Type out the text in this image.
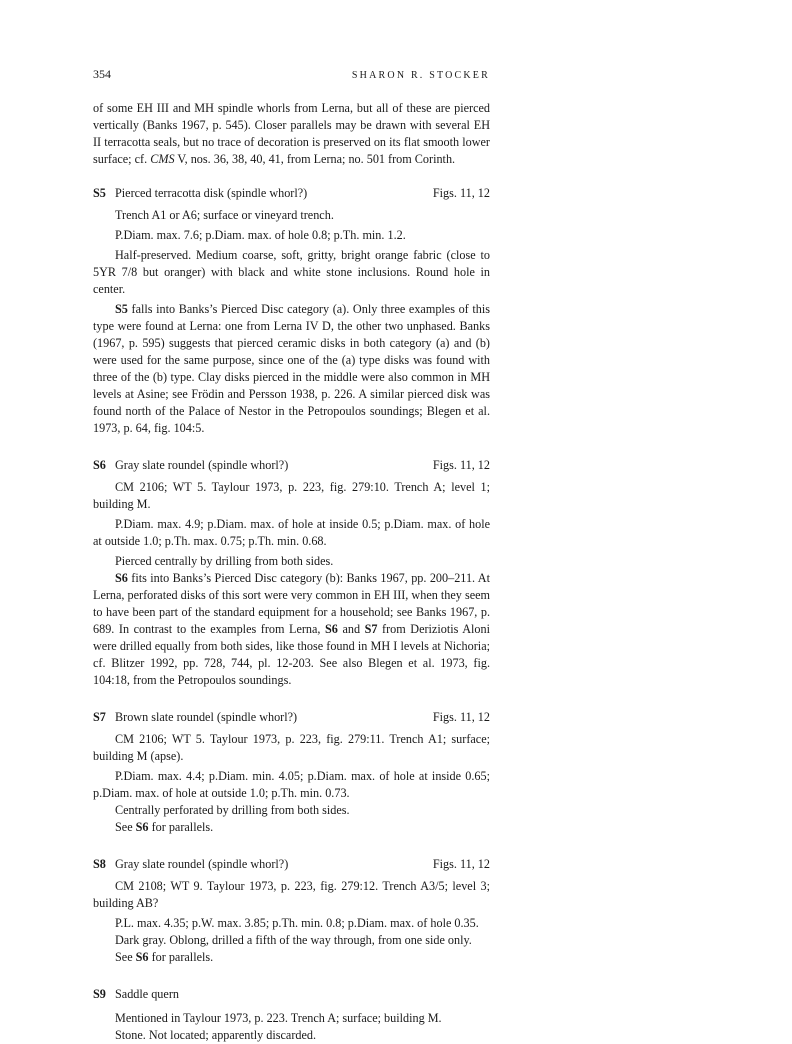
354	SHARON R. STOCKER

of some EH III and MH spindle whorls from Lerna, but all of these are pierced vertically (Banks 1967, p. 545). Closer parallels may be drawn with several EH II terracotta seals, but no trace of decoration is preserved on its flat smooth lower surface; cf. CMS V, nos. 36, 38, 40, 41, from Lerna; no. 501 from Corinth.

S5 Pierced terracotta disk (spindle whorl?)	Figs. 11, 12

Trench A1 or A6; surface or vineyard trench.

P.Diam. max. 7.6; p.Diam. max. of hole 0.8; p.Th. min. 1.2.

Half-preserved. Medium coarse, soft, gritty, bright orange fabric (close to 5YR 7/8 but oranger) with black and white stone inclusions. Round hole in center.

S5 falls into Banks’s Pierced Disc category (a). Only three examples of this type were found at Lerna: one from Lerna IV D, the other two unphased. Banks (1967, p. 595) suggests that pierced ceramic disks in both category (a) and (b) were used for the same purpose, since one of the (a) type disks was found with three of the (b) type. Clay disks pierced in the middle were also common in MH levels at Asine; see Frödin and Persson 1938, p. 226. A similar pierced disk was found north of the Palace of Nestor in the Petropoulos soundings; Blegen et al. 1973, p. 64, fig. 104:5.

S6 Gray slate roundel (spindle whorl?)	Figs. 11, 12

CM 2106; WT 5. Taylour 1973, p. 223, fig. 279:10. Trench A; level 1; building M.

P.Diam. max. 4.9; p.Diam. max. of hole at inside 0.5; p.Diam. max. of hole at outside 1.0; p.Th. max. 0.75; p.Th. min. 0.68.

Pierced centrally by drilling from both sides.

S6 fits into Banks’s Pierced Disc category (b): Banks 1967, pp. 200–211. At Lerna, perforated disks of this sort were very common in EH III, when they seem to have been part of the standard equipment for a household; see Banks 1967, p. 689. In contrast to the examples from Lerna, S6 and S7 from Deriziotis Aloni were drilled equally from both sides, like those found in MH I levels at Nichoria; cf. Blitzer 1992, pp. 728, 744, pl. 12-203. See also Blegen et al. 1973, fig. 104:18, from the Petropoulos soundings.

S7 Brown slate roundel (spindle whorl?)	Figs. 11, 12

CM 2106; WT 5. Taylour 1973, p. 223, fig. 279:11. Trench A1; surface; building M (apse).

P.Diam. max. 4.4; p.Diam. min. 4.05; p.Diam. max. of hole at inside 0.65; p.Diam. max. of hole at outside 1.0; p.Th. min. 0.73.

Centrally perforated by drilling from both sides.

See S6 for parallels.

S8 Gray slate roundel (spindle whorl?)	Figs. 11, 12

CM 2108; WT 9. Taylour 1973, p. 223, fig. 279:12. Trench A3/5; level 3; building AB?

P.L. max. 4.35; p.W. max. 3.85; p.Th. min. 0.8; p.Diam. max. of hole 0.35.

Dark gray. Oblong, drilled a fifth of the way through, from one side only.

See S6 for parallels.

S9 Saddle quern

Mentioned in Taylour 1973, p. 223. Trench A; surface; building M.

Stone. Not located; apparently discarded.
